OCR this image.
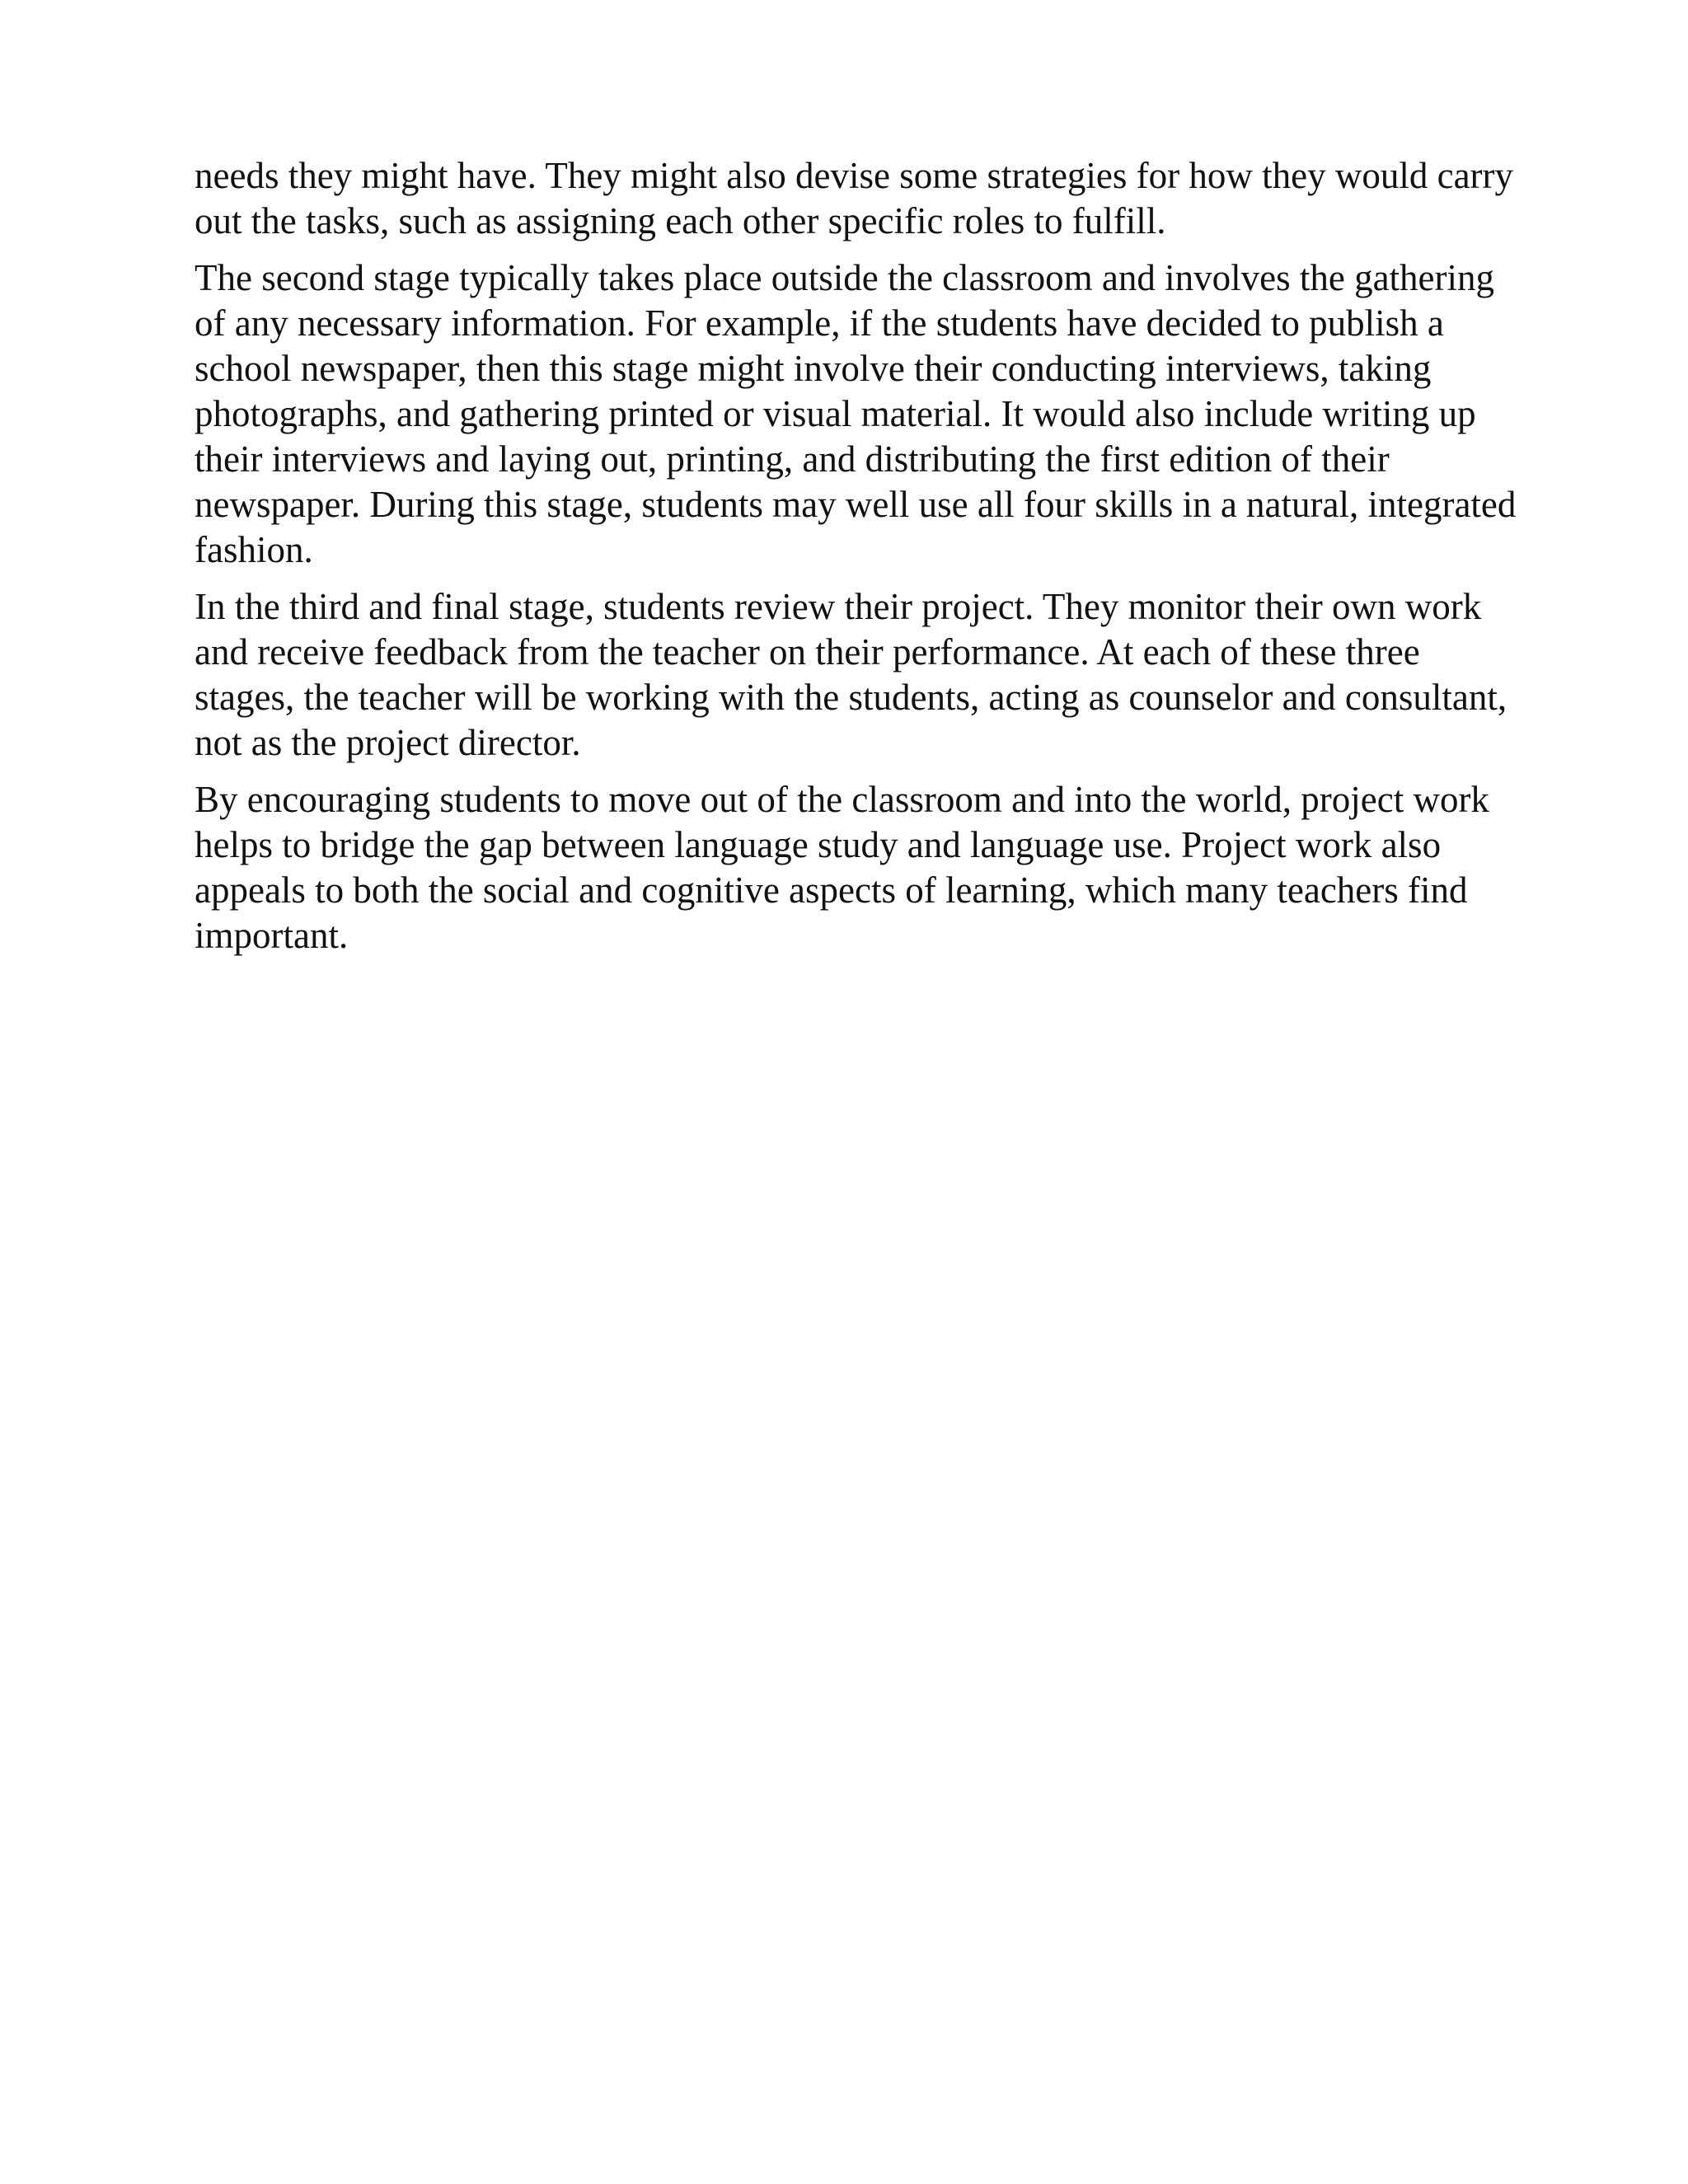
needs they might have. They might also devise some strategies for how they would carry out the tasks, such as assigning each other specific roles to fulfill.

The second stage typically takes place outside the classroom and involves the gathering of any necessary information. For example, if the students have decided to publish a school newspaper, then this stage might involve their conducting interviews, taking photographs, and gathering printed or visual material. It would also include writing up their interviews and laying out, printing, and distributing the first edition of their newspaper. During this stage, students may well use all four skills in a natural, integrated fashion.

In the third and final stage, students review their project. They monitor their own work and receive feedback from the teacher on their performance. At each of these three stages, the teacher will be working with the students, acting as counselor and consultant, not as the project director.

By encouraging students to move out of the classroom and into the world, project work helps to bridge the gap between language study and language use. Project work also appeals to both the social and cognitive aspects of learning, which many teachers find important.
